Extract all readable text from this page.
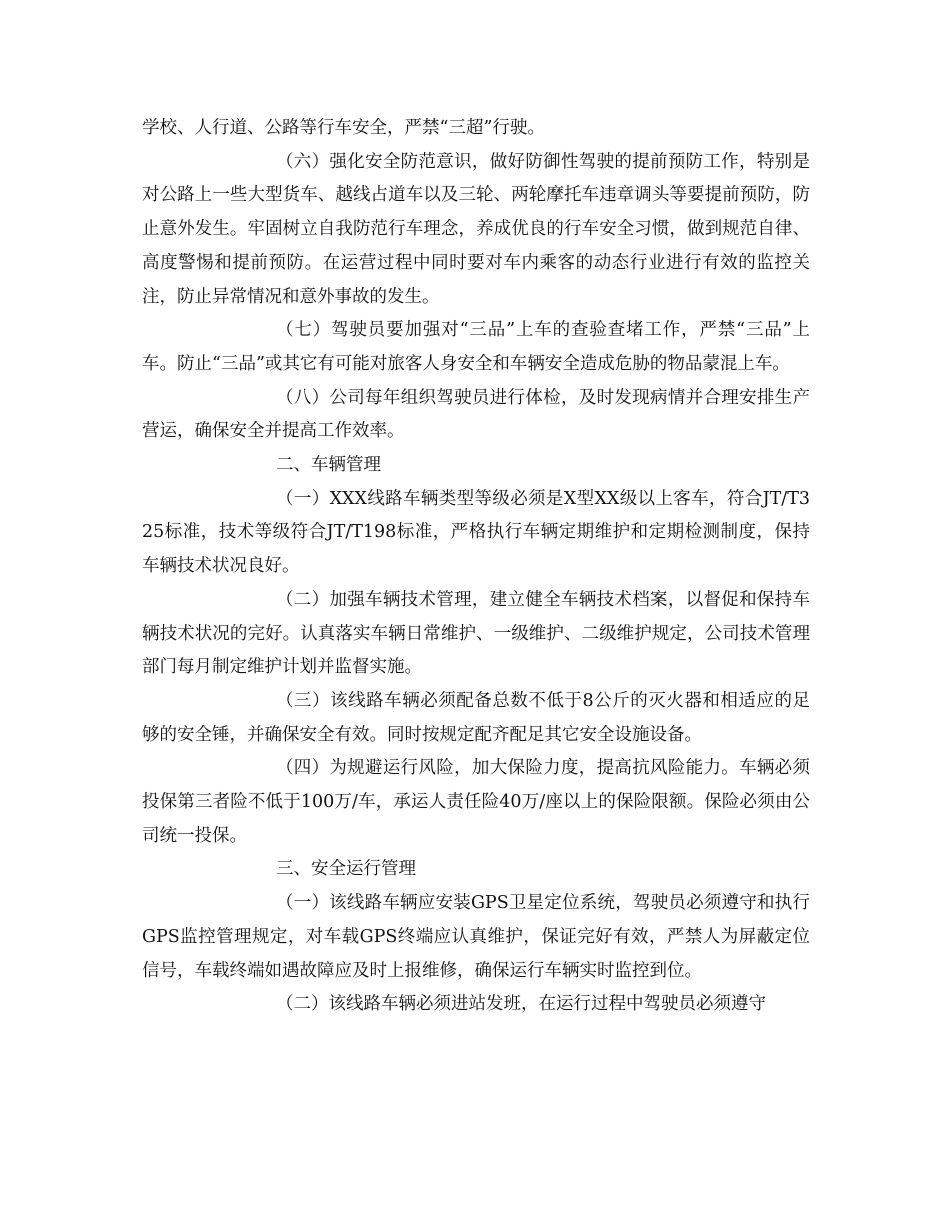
学校、人行道、公路等行车安全，严禁“三超”行驶。

（六）强化安全防范意识，做好防御性驾驶的提前预防工作，特别是对公路上一些大型货车、越线占道车以及三轮、两轮摩托车违章调头等要提前预防，防止意外发生。牢固树立自我防范行车理念，养成优良的行车安全习惯，做到规范自律、高度警惕和提前预防。在运营过程中同时要对车内乘客的动态行业进行有效的监控关注，防止异常情况和意外事故的发生。

（七）驾驶员要加强对“三品”上车的查验查堵工作，严禁“三品”上车。防止“三品”或其它有可能对旅客人身安全和车辆安全造成危胁的物品蒙混上车。

（八）公司每年组织驾驶员进行体检，及时发现病情并合理安排生产营运，确保安全并提高工作效率。

二、车辆管理

（一）XXX线路车辆类型等级必须是X型XX级以上客车，符合JT/T325标准，技术等级符合JT/T198标准，严格执行车辆定期维护和定期检测制度，保持车辆技术状况良好。

（二）加强车辆技术管理，建立健全车辆技术档案，以督促和保持车辆技术状况的完好。认真落实车辆日常维护、一级维护、二级维护规定，公司技术管理部门每月制定维护计划并监督实施。

（三）该线路车辆必须配备总数不低于8公斤的灭火器和相适应的足够的安全锤，并确保安全有效。同时按规定配齐配足其它安全设施设备。

（四）为规避运行风险，加大保险力度，提高抗风险能力。车辆必须投保第三者险不低于100万/车，承运人责任险40万/座以上的保险限额。保险必须由公司统一投保。

三、安全运行管理

（一）该线路车辆应安装GPS卫星定位系统，驾驶员必须遵守和执行GPS监控管理规定，对车载GPS终端应认真维护，保证完好有效，严禁人为屏蔽定位信号，车载终端如遇故障应及时上报维修，确保运行车辆实时监控到位。

（二）该线路车辆必须进站发班，在运行过程中驾驶员必须遵守
